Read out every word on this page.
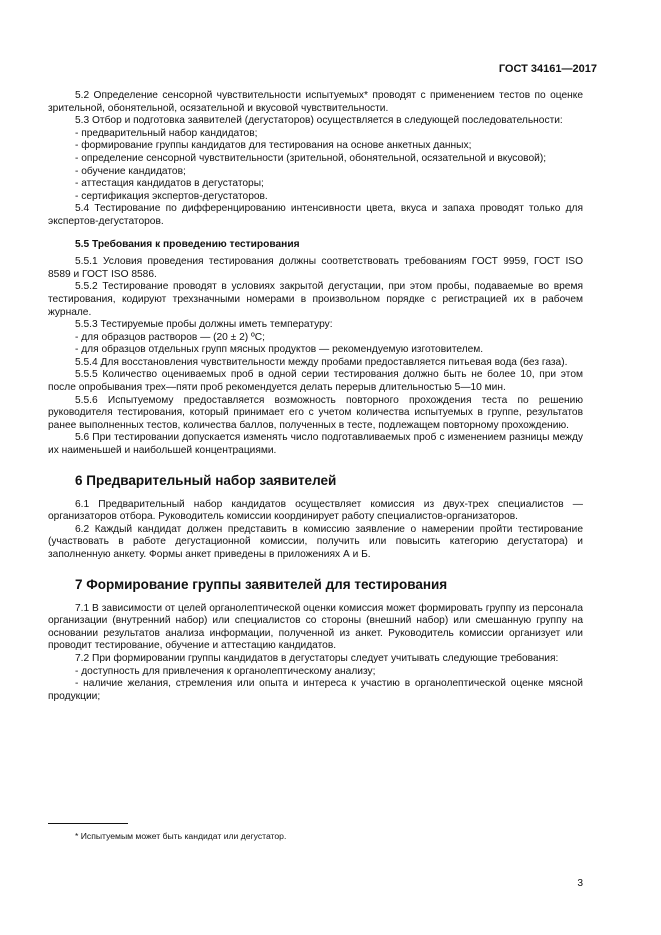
ГОСТ 34161—2017
5.2 Определение сенсорной чувствительности испытуемых* проводят с применением тестов по оценке зрительной, обонятельной, осязательной и вкусовой чувствительности.
5.3 Отбор и подготовка заявителей (дегустаторов) осуществляется в следующей последовательности:
- предварительный набор кандидатов;
- формирование группы кандидатов для тестирования на основе анкетных данных;
- определение сенсорной чувствительности (зрительной, обонятельной, осязательной и вкусовой);
- обучение кандидатов;
- аттестация кандидатов в дегустаторы;
- сертификация экспертов-дегустаторов.
5.4 Тестирование по дифференцированию интенсивности цвета, вкуса и запаха проводят только для экспертов-дегустаторов.
5.5 Требования к проведению тестирования
5.5.1 Условия проведения тестирования должны соответствовать требованиям ГОСТ 9959, ГОСТ ISO 8589 и ГОСТ ISO 8586.
5.5.2 Тестирование проводят в условиях закрытой дегустации, при этом пробы, подаваемые во время тестирования, кодируют трехзначными номерами в произвольном порядке с регистрацией их в рабочем журнале.
5.5.3 Тестируемые пробы должны иметь температуру:
- для образцов растворов — (20 ± 2) ºС;
- для образцов отдельных групп мясных продуктов — рекомендуемую изготовителем.
5.5.4 Для восстановления чувствительности между пробами предоставляется питьевая вода (без газа).
5.5.5 Количество оцениваемых проб в одной серии тестирования должно быть не более 10, при этом после опробывания трех—пяти проб рекомендуется делать перерыв длительностью 5—10 мин.
5.5.6 Испытуемому предоставляется возможность повторного прохождения теста по решению руководителя тестирования, который принимает его с учетом количества испытуемых в группе, результатов ранее выполненных тестов, количества баллов, полученных в тесте, подлежащем повторному прохождению.
5.6 При тестировании допускается изменять число подготавливаемых проб с изменением разницы между их наименьшей и наибольшей концентрациями.
6 Предварительный набор заявителей
6.1 Предварительный набор кандидатов осуществляет комиссия из двух-трех специалистов — организаторов отбора. Руководитель комиссии координирует работу специалистов-организаторов.
6.2 Каждый кандидат должен представить в комиссию заявление о намерении пройти тестирование (участвовать в работе дегустационной комиссии, получить или повысить категорию дегустатора) и заполненную анкету. Формы анкет приведены в приложениях А и Б.
7 Формирование группы заявителей для тестирования
7.1 В зависимости от целей органолептической оценки комиссия может формировать группу из персонала организации (внутренний набор) или специалистов со стороны (внешний набор) или смешанную группу на основании результатов анализа информации, полученной из анкет. Руководитель комиссии организует или проводит тестирование, обучение и аттестацию кандидатов.
7.2 При формировании группы кандидатов в дегустаторы следует учитывать следующие требования:
- доступность для привлечения к органолептическому анализу;
- наличие желания, стремления или опыта и интереса к участию в органолептической оценке мясной продукции;
* Испытуемым может быть кандидат или дегустатор.
3
